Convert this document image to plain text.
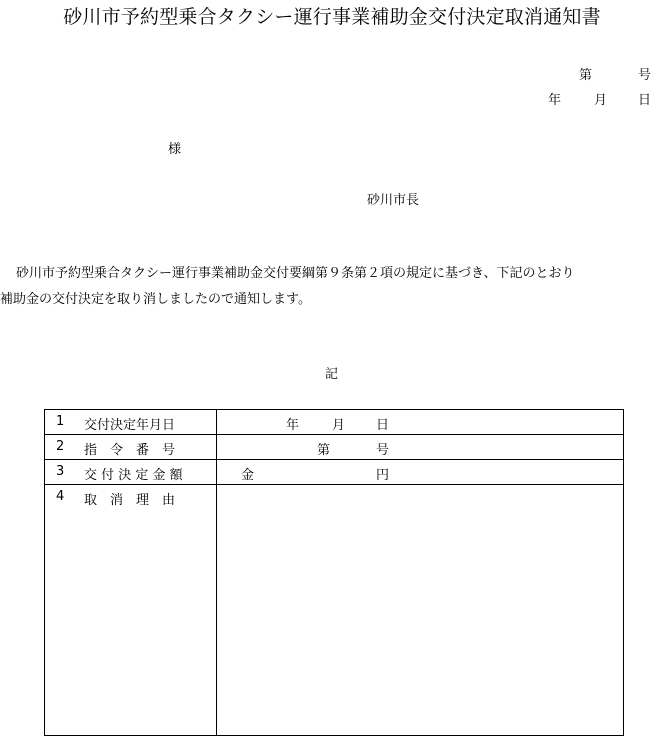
砂川市予約型乗合タクシー運行事業補助金交付決定取消通知書
第	号
年	月 日
様
砂川市長
砂川市予約型乗合タクシー運行事業補助金交付要綱第９条第２項の規定に基づき、下記のとおり
補助金の交付決定を取り消しましたので通知します。
記
1 交付決定年月日	年 月 日

2 指　令　番　号	第 号

3 交 付 決 定 金 額	金 円

4 取　消　理　由	
